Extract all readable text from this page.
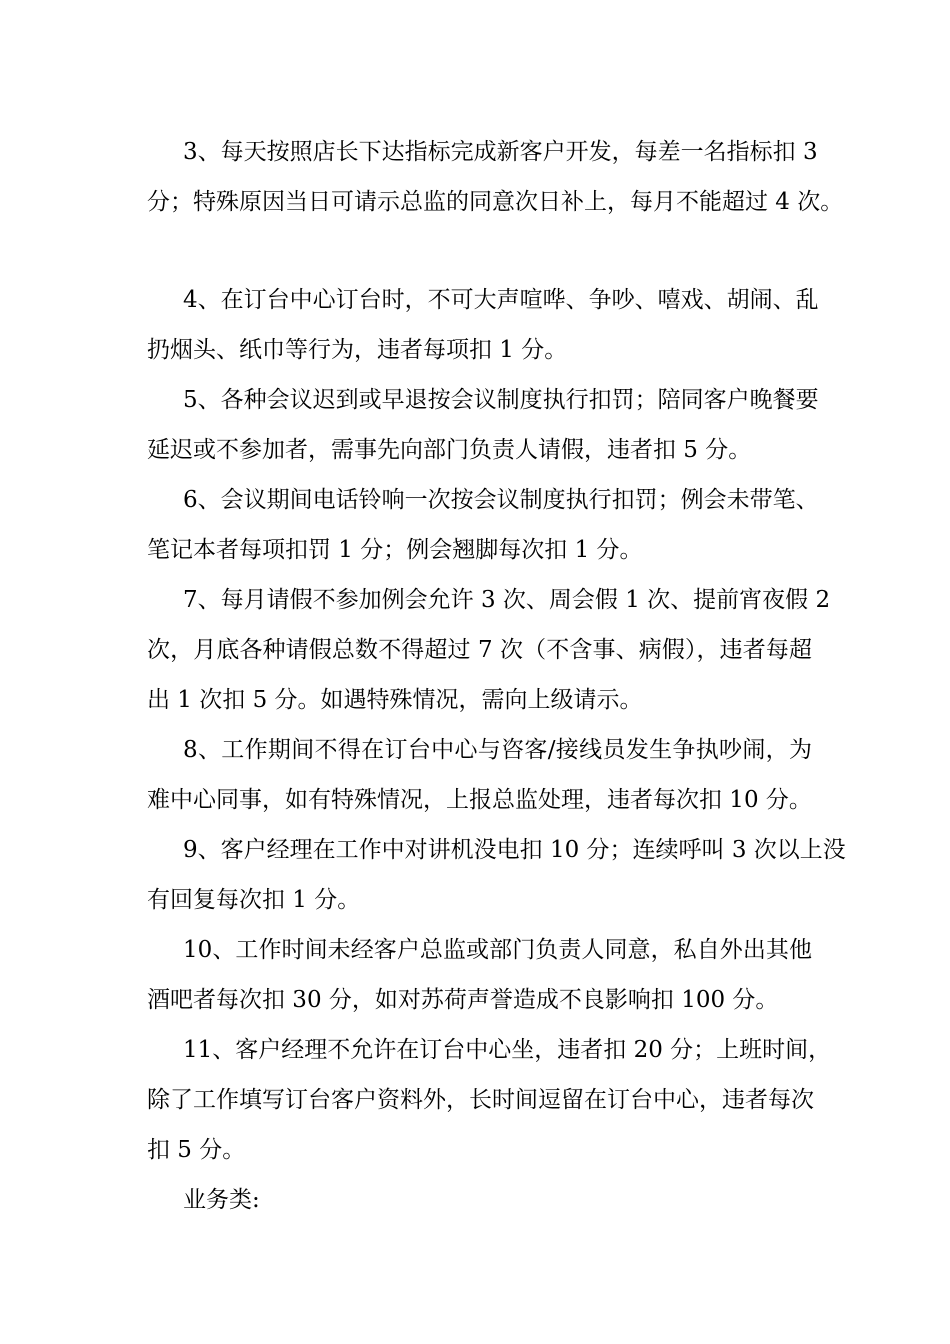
3、每天按照店长下达指标完成新客户开发，每差一名指标扣 3
分；特殊原因当日可请示总监的同意次日补上，每月不能超过 4 次。
4、在订台中心订台时，不可大声喧哗、争吵、嘻戏、胡闹、乱
扔烟头、纸巾等行为，违者每项扣 1 分。
5、各种会议迟到或早退按会议制度执行扣罚；陪同客户晚餐要
延迟或不参加者，需事先向部门负责人请假，违者扣 5 分。
6、会议期间电话铃响一次按会议制度执行扣罚；例会未带笔、
笔记本者每项扣罚 1 分；例会翘脚每次扣 1 分。
7、每月请假不参加例会允许 3 次、周会假 1 次、提前宵夜假 2
次，月底各种请假总数不得超过 7 次（不含事、病假），违者每超
出 1 次扣 5 分。如遇特殊情况，需向上级请示。
8、工作期间不得在订台中心与咨客/接线员发生争执吵闹，为
难中心同事，如有特殊情况，上报总监处理，违者每次扣 10 分。
9、客户经理在工作中对讲机没电扣 10 分；连续呼叫 3 次以上没
有回复每次扣 1 分。
10、工作时间未经客户总监或部门负责人同意，私自外出其他
酒吧者每次扣 30 分，如对苏荷声誉造成不良影响扣 100 分。
11、客户经理不允许在订台中心坐，违者扣 20 分；上班时间，
除了工作填写订台客户资料外，长时间逗留在订台中心，违者每次
扣 5 分。
业务类:
